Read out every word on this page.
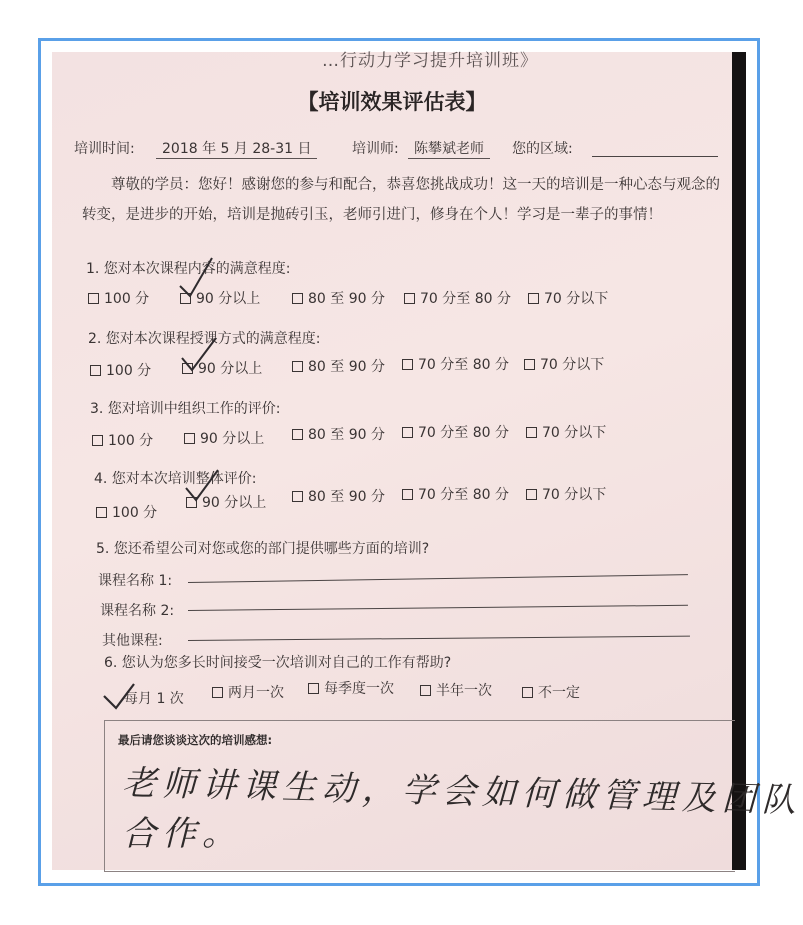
…行动力学习提升培训班》
【培训效果评估表】
培训时间:	2018 年 5 月 28-31 日	培训师:	陈攀斌老师	您的区域:
尊敬的学员：您好！感谢您的参与和配合，恭喜您挑战成功！这一天的培训是一种心态与观念的转变，是进步的开始，培训是抛砖引玉，老师引进门，修身在个人！学习是一辈子的事情！
1. 您对本次课程内容的满意程度:
100 分	90 分以上	80 至 90 分	70 分至 80 分	70 分以下
2. 您对本次课程授课方式的满意程度:
100 分	90 分以上	80 至 90 分	70 分至 80 分	70 分以下
3. 您对培训中组织工作的评价:
100 分	90 分以上	80 至 90 分	70 分至 80 分	70 分以下
4. 您对本次培训整体评价:
100 分
90 分以上	80 至 90 分	70 分至 80 分	70 分以下
5. 您还希望公司对您或您的部门提供哪些方面的培训?
课程名称 1:
课程名称 2:
其他课程:
6. 您认为您多长时间接受一次培训对自己的工作有帮助?
每月 1 次	两月一次	每季度一次	半年一次	不一定
最后请您谈谈这次的培训感想:
老师讲课生动，学会如何做管理及团队
合作。
